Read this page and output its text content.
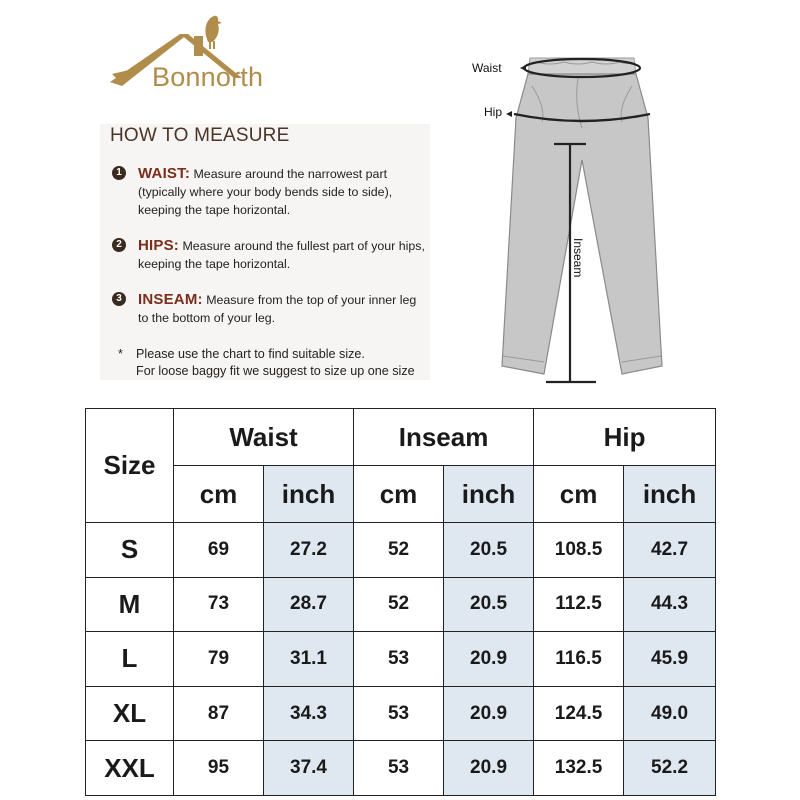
Bonnorth
HOW TO MEASURE
1 WAIST: Measure around the narrowest part
(typically where your body bends side to side),
keeping the tape horizontal.
2 HIPS: Measure around the fullest part of your hips,
keeping the tape horizontal.
3 INSEAM: Measure from the top of your inner leg
to the bottom of your leg.
* Please use the chart to find suitable size.
For loose baggy fit we suggest to size up one size
Waist
Hip
Inseam
Size	Waist		Inseam		Hip	
	cm	inch	cm	inch	cm	inch
S	69	27.2	52	20.5	108.5	42.7
M	73	28.7	52	20.5	112.5	44.3
L	79	31.1	53	20.9	116.5	45.9
XL	87	34.3	53	20.9	124.5	49.0
XXL	95	37.4	53	20.9	132.5	52.2
